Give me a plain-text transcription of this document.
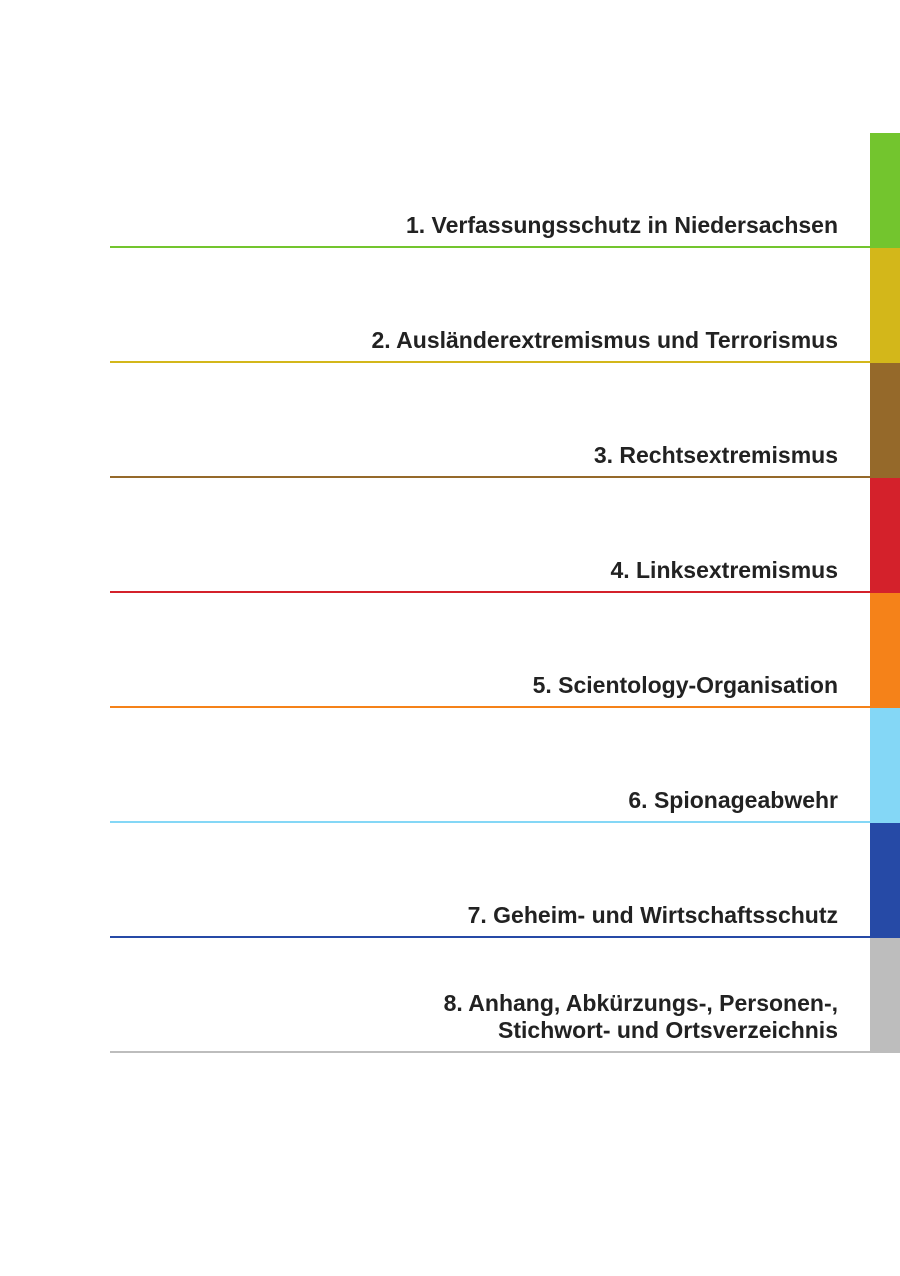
1. Verfassungsschutz in Niedersachsen
2. Ausländerextremismus und Terrorismus
3. Rechtsextremismus
4. Linksextremismus
5. Scientology-Organisation
6. Spionageabwehr
7. Geheim- und Wirtschaftsschutz
8. Anhang, Abkürzungs-, Personen-,
Stichwort- und Ortsverzeichnis
